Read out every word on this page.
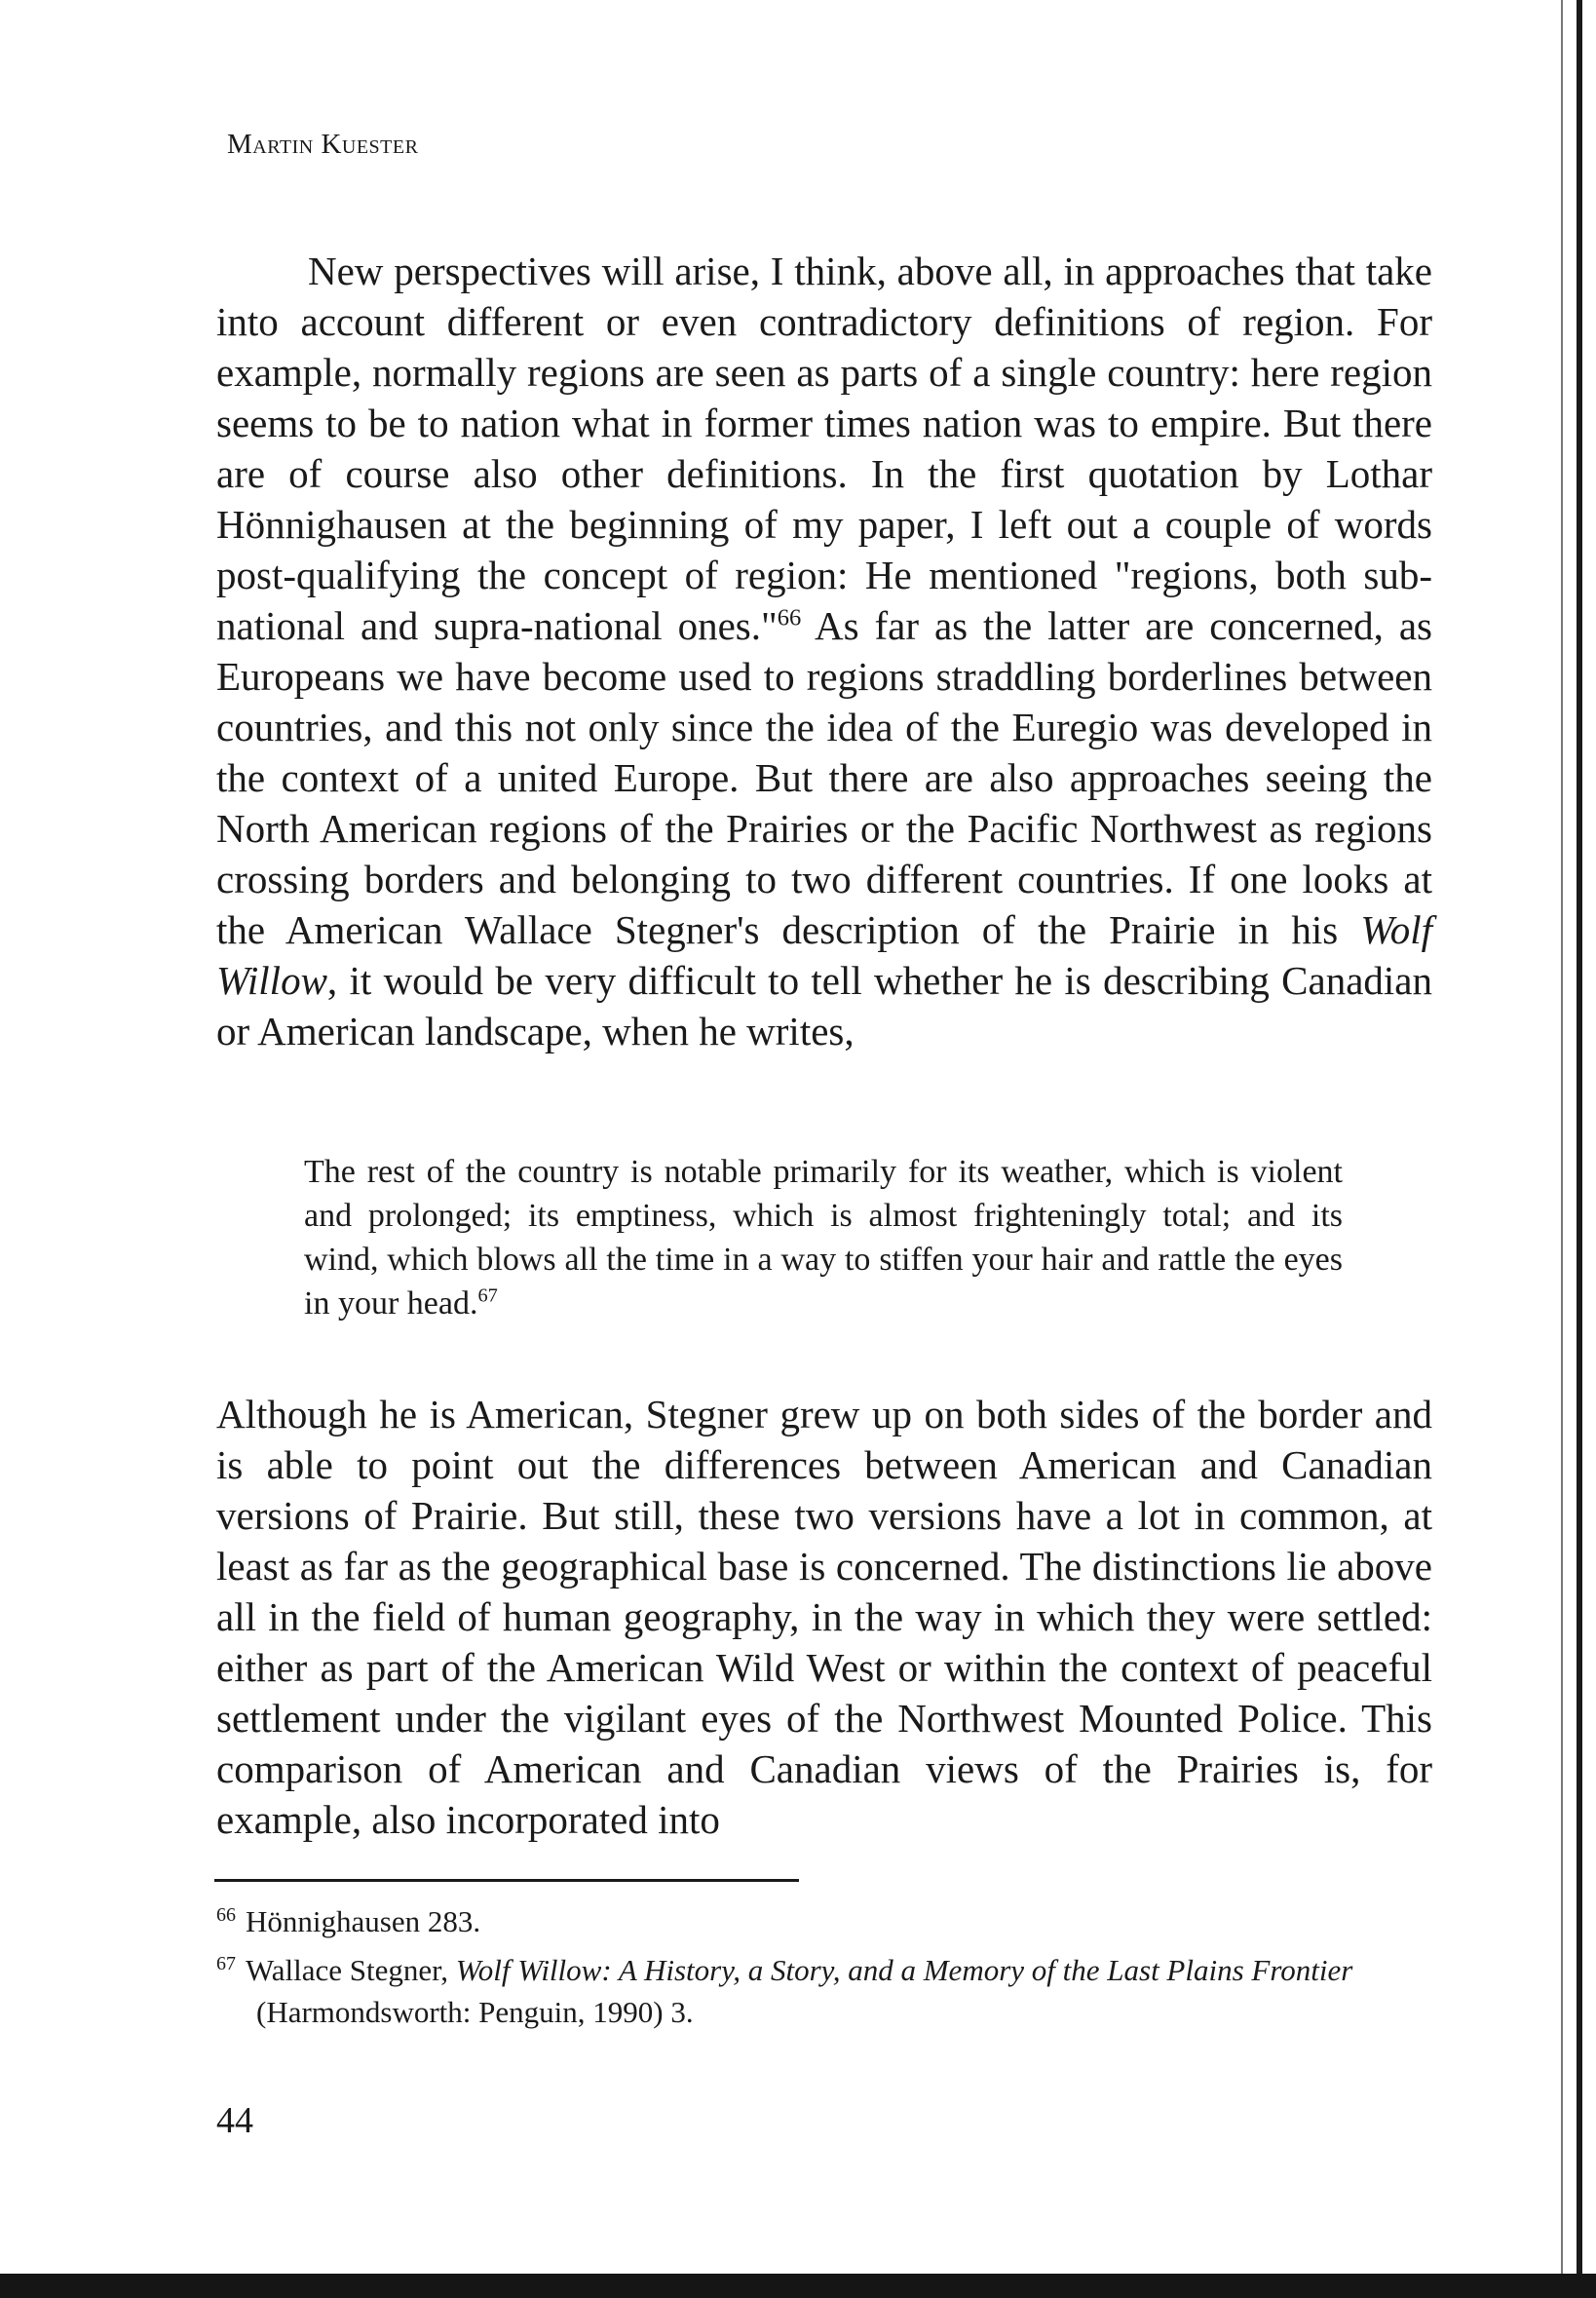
Martin Kuester

New perspectives will arise, I think, above all, in approaches that take into account different or even contradictory definitions of region. For example, normally regions are seen as parts of a single country: here region seems to be to nation what in former times nation was to empire. But there are of course also other definitions. In the first quotation by Lothar Hönnighausen at the beginning of my paper, I left out a couple of words post-qualifying the concept of region: He mentioned "regions, both sub-national and supra-national ones."$^{66}$ As far as the latter are concerned, as Europeans we have become used to regions straddling borderlines between countries, and this not only since the idea of the Euregio was developed in the context of a united Europe. But there are also approaches seeing the North American regions of the Prairies or the Pacific Northwest as regions crossing borders and belonging to two different countries. If one looks at the American Wallace Stegner's description of the Prairie in his Wolf Willow, it would be very difficult to tell whether he is describing Canadian or American landscape, when he writes,

The rest of the country is notable primarily for its weather, which is violent and prolonged; its emptiness, which is almost frighteningly total; and its wind, which blows all the time in a way to stiffen your hair and rattle the eyes in your head.$^{67}$

Although he is American, Stegner grew up on both sides of the border and is able to point out the differences between American and Canadian versions of Prairie. But still, these two versions have a lot in common, at least as far as the geographical base is concerned. The distinctions lie above all in the field of human geography, in the way in which they were settled: either as part of the American Wild West or within the context of peaceful settlement under the vigilant eyes of the Northwest Mounted Police. This comparison of American and Canadian views of the Prairies is, for example, also incorporated into

$^{66}$ Hönnighausen 283.

$^{67}$ Wallace Stegner, Wolf Willow: A History, a Story, and a Memory of the Last Plains Frontier (Harmondsworth: Penguin, 1990) 3.

44
